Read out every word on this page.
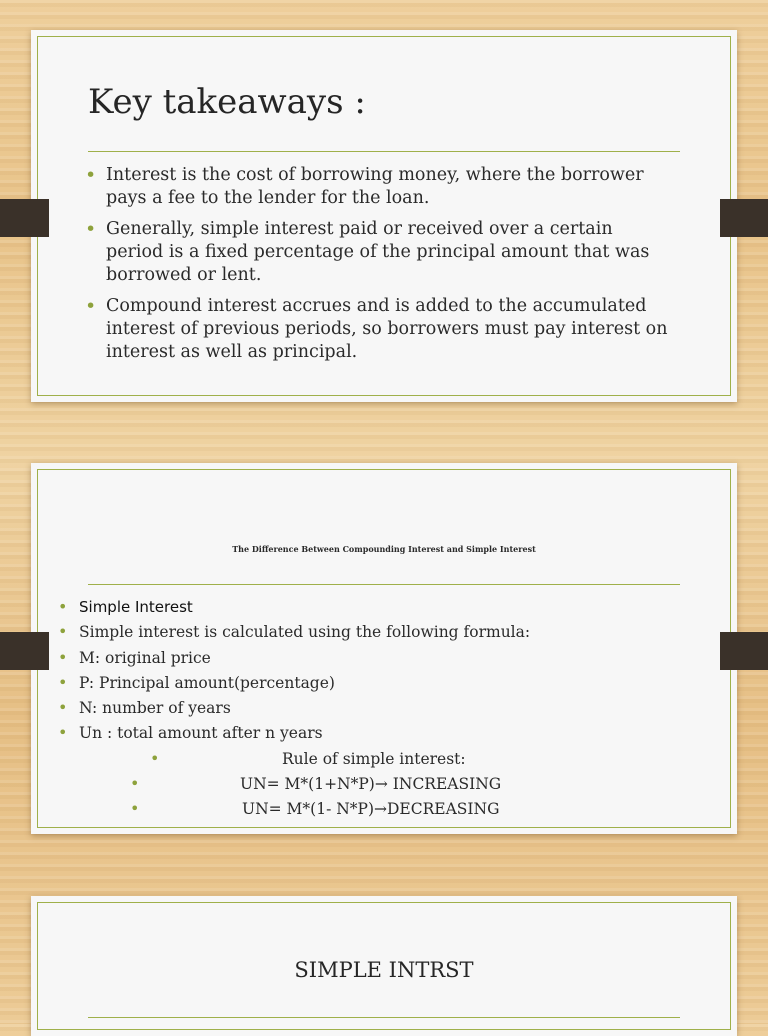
Key takeaways :
• Interest is the cost of borrowing money, where the borrower pays a fee to the lender for the loan.
• Generally, simple interest paid or received over a certain period is a fixed percentage of the principal amount that was borrowed or lent.
• Compound interest accrues and is added to the accumulated interest of previous periods, so borrowers must pay interest on interest as well as principal.
The Difference Between Compounding Interest and Simple Interest
• Simple Interest
• Simple interest is calculated using the following formula:
• M: original price
• P: Principal amount(percentage)
• N: number of years
• Un : total amount after n years
•	Rule of simple interest:
•	UN= M*(1+N*P)→ INCREASING
•	UN= M*(1- N*P)→DECREASING
SIMPLE INTRST
